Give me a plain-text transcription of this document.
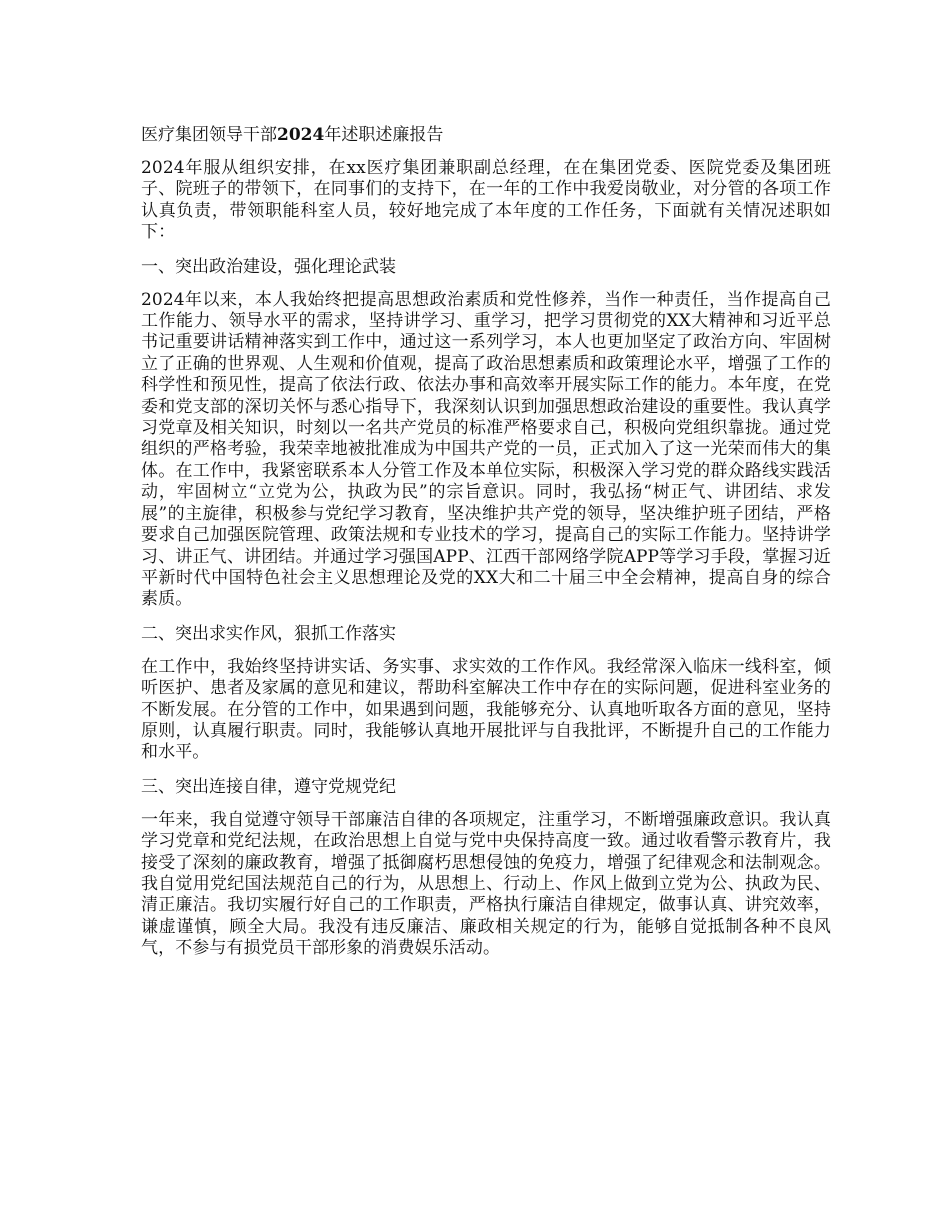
医疗集团领导干部2024年述职述廉报告

2024年服从组织安排，在xx医疗集团兼职副总经理，在在集团党委、医院党委及集团班子、院班子的带领下，在同事们的支持下，在一年的工作中我爱岗敬业，对分管的各项工作认真负责，带领职能科室人员，较好地完成了本年度的工作任务，下面就有关情况述职如下：

一、突出政治建设，强化理论武装

2024年以来，本人我始终把提高思想政治素质和党性修养，当作一种责任，当作提高自己工作能力、领导水平的需求，坚持讲学习、重学习，把学习贯彻党的XX大精神和习近平总书记重要讲话精神落实到工作中，通过这一系列学习，本人也更加坚定了政治方向、牢固树立了正确的世界观、人生观和价值观，提高了政治思想素质和政策理论水平，增强了工作的科学性和预见性，提高了依法行政、依法办事和高效率开展实际工作的能力。本年度，在党委和党支部的深切关怀与悉心指导下，我深刻认识到加强思想政治建设的重要性。我认真学习党章及相关知识，时刻以一名共产党员的标准严格要求自己，积极向党组织靠拢。通过党组织的严格考验，我荣幸地被批准成为中国共产党的一员，正式加入了这一光荣而伟大的集体。在工作中，我紧密联系本人分管工作及本单位实际，积极深入学习党的群众路线实践活动，牢固树立“立党为公，执政为民”的宗旨意识。同时，我弘扬“树正气、讲团结、求发展”的主旋律，积极参与党纪学习教育，坚决维护共产党的领导，坚决维护班子团结，严格要求自己加强医院管理、政策法规和专业技术的学习，提高自己的实际工作能力。坚持讲学习、讲正气、讲团结。并通过学习强国APP、江西干部网络学院APP等学习手段，掌握习近平新时代中国特色社会主义思想理论及党的XX大和二十届三中全会精神，提高自身的综合素质。

二、突出求实作风，狠抓工作落实

在工作中，我始终坚持讲实话、务实事、求实效的工作作风。我经常深入临床一线科室，倾听医护、患者及家属的意见和建议，帮助科室解决工作中存在的实际问题，促进科室业务的不断发展。在分管的工作中，如果遇到问题，我能够充分、认真地听取各方面的意见，坚持原则，认真履行职责。同时，我能够认真地开展批评与自我批评，不断提升自己的工作能力和水平。

三、突出连接自律，遵守党规党纪

一年来，我自觉遵守领导干部廉洁自律的各项规定，注重学习，不断增强廉政意识。我认真学习党章和党纪法规，在政治思想上自觉与党中央保持高度一致。通过收看警示教育片，我接受了深刻的廉政教育，增强了抵御腐朽思想侵蚀的免疫力，增强了纪律观念和法制观念。我自觉用党纪国法规范自己的行为，从思想上、行动上、作风上做到立党为公、执政为民、清正廉洁。我切实履行好自己的工作职责，严格执行廉洁自律规定，做事认真、讲究效率，谦虚谨慎，顾全大局。我没有违反廉洁、廉政相关规定的行为，能够自觉抵制各种不良风气，不参与有损党员干部形象的消费娱乐活动。
